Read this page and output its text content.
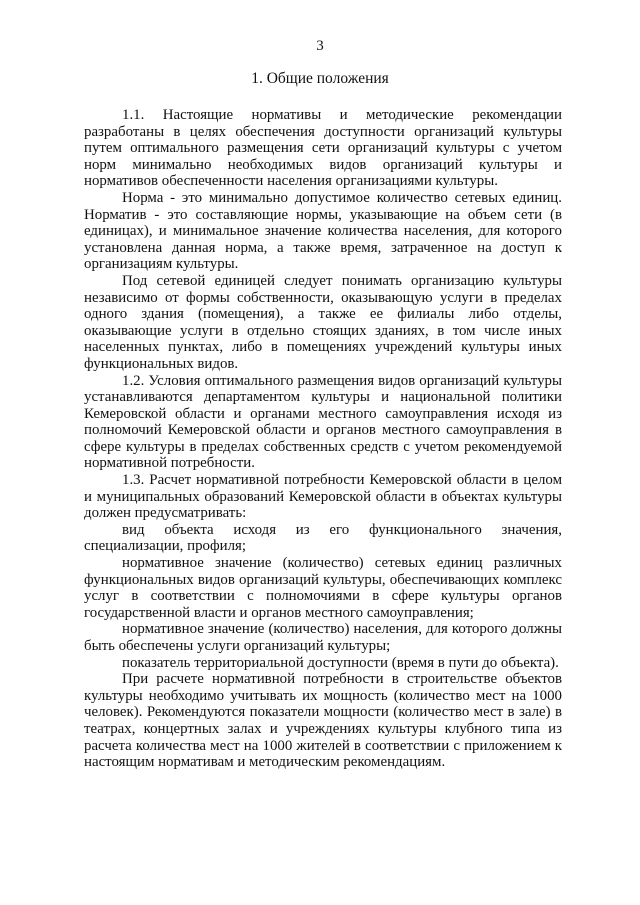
3
1. Общие положения

1.1. Настоящие нормативы и методические рекомендации разработаны в целях обеспечения доступности организаций культуры путем оптимального размещения сети организаций культуры с учетом норм минимально необходимых видов организаций культуры и нормативов обеспеченности населения организациями культуры.

Норма - это минимально допустимое количество сетевых единиц. Норматив - это составляющие нормы, указывающие на объем сети (в единицах), и минимальное значение количества населения, для которого установлена данная норма, а также время, затраченное на доступ к организациям культуры.

Под сетевой единицей следует понимать организацию культуры независимо от формы собственности, оказывающую услуги в пределах одного здания (помещения), а также ее филиалы либо отделы, оказывающие услуги в отдельно стоящих зданиях, в том числе иных населенных пунктах, либо в помещениях учреждений культуры иных функциональных видов.

1.2. Условия оптимального размещения видов организаций культуры устанавливаются департаментом культуры и национальной политики Кемеровской области и органами местного самоуправления исходя из полномочий Кемеровской области и органов местного самоуправления в сфере культуры в пределах собственных средств с учетом рекомендуемой нормативной потребности.

1.3. Расчет нормативной потребности Кемеровской области в целом и муниципальных образований Кемеровской области в объектах культуры должен предусматривать:

вид объекта исходя из его функционального значения, специализации, профиля;

нормативное значение (количество) сетевых единиц различных функциональных видов организаций культуры, обеспечивающих комплекс услуг в соответствии с полномочиями в сфере культуры органов государственной власти и органов местного самоуправления;

нормативное значение (количество) населения, для которого должны быть обеспечены услуги организаций культуры;

показатель территориальной доступности (время в пути до объекта).

При расчете нормативной потребности в строительстве объектов культуры необходимо учитывать их мощность (количество мест на 1000 человек). Рекомендуются показатели мощности (количество мест в зале) в театрах, концертных залах и учреждениях культуры клубного типа из расчета количества мест на 1000 жителей в соответствии с приложением к настоящим нормативам и методическим рекомендациям.
